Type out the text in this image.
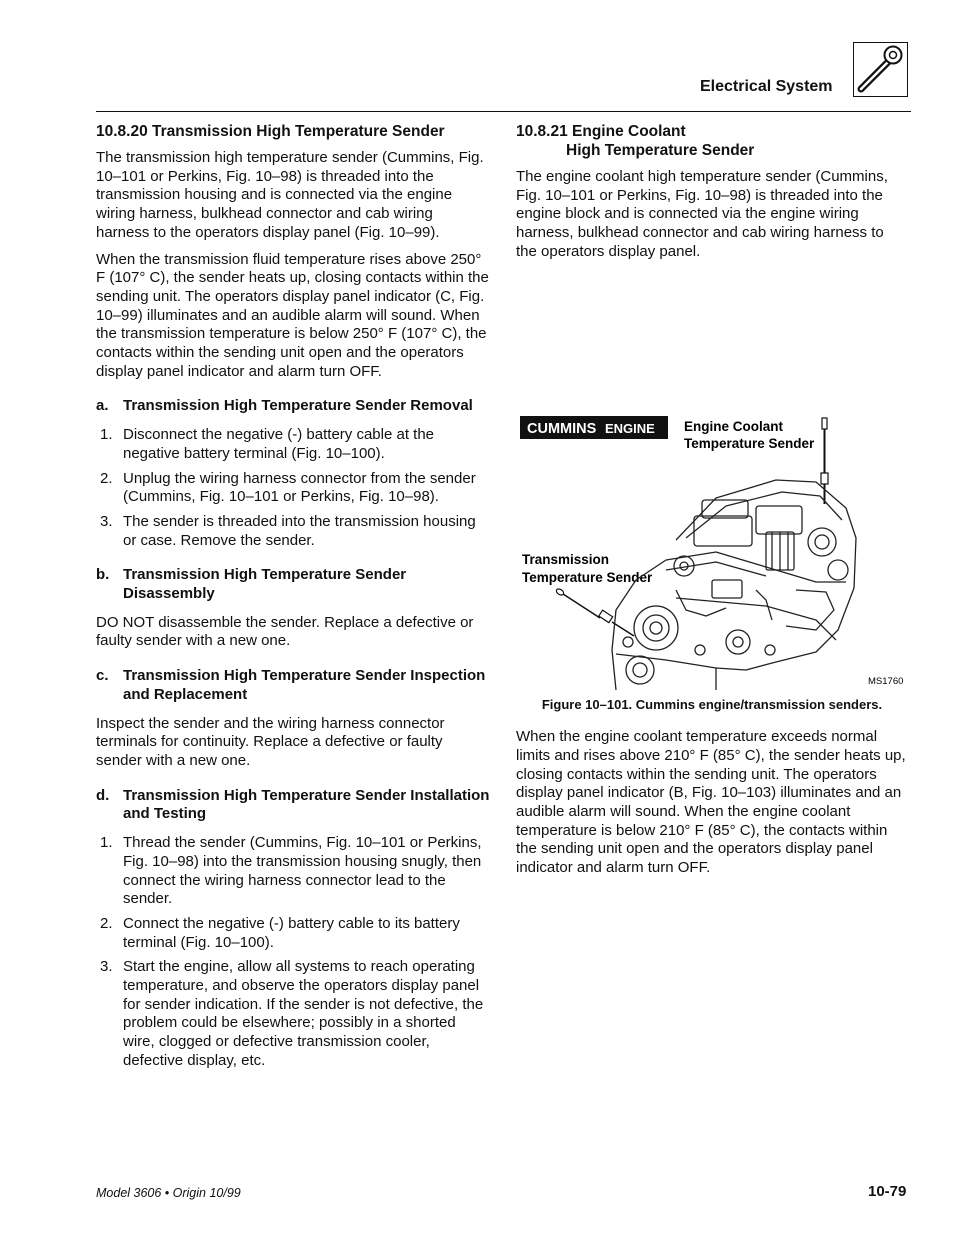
Electrical System
10.8.20 Transmission High Temperature Sender

The transmission high temperature sender (Cummins, Fig. 10–101 or Perkins, Fig. 10–98) is threaded into the transmission housing and is connected via the engine wiring harness, bulkhead connector and cab wiring harness to the operators display panel (Fig. 10–99).

When the transmission fluid temperature rises above 250° F (107° C), the sender heats up, closing contacts within the sending unit. The operators display panel indicator (C, Fig. 10–99) illuminates and an audible alarm will sound. When the transmission temperature is below 250° F (107° C), the contacts within the sending unit open and the operators display panel indicator and alarm turn OFF.

a. Transmission High Temperature Sender Removal
1. Disconnect the negative (-) battery cable at the negative battery terminal (Fig. 10–100).
2. Unplug the wiring harness connector from the sender (Cummins, Fig. 10–101 or Perkins, Fig. 10–98).
3. The sender is threaded into the transmission housing or case. Remove the sender.
b. Transmission High Temperature Sender Disassembly

DO NOT disassemble the sender. Replace a defective or faulty sender with a new one.

c. Transmission High Temperature Sender Inspection and Replacement

Inspect the sender and the wiring harness connector terminals for continuity. Replace a defective or faulty sender with a new one.

d. Transmission High Temperature Sender Installation and Testing
1. Thread the sender (Cummins, Fig. 10–101 or Perkins, Fig. 10–98) into the transmission housing snugly, then connect the wiring harness connector lead to the sender.
2. Connect the negative (-) battery cable to its battery terminal (Fig. 10–100).
3. Start the engine, allow all systems to reach operating temperature, and observe the operators display panel for sender indication. If the sender is not defective, the problem could be elsewhere; possibly in a shorted wire, clogged or defective transmission cooler, defective display, etc.
10.8.21 Engine Coolant
High Temperature Sender

The engine coolant high temperature sender (Cummins, Fig. 10–101 or Perkins, Fig. 10–98) is threaded into the engine block and is connected via the engine wiring harness, bulkhead connector and cab wiring harness to the operators display panel.

CUMMINS ENGINE Engine Coolant
Temperature Sender
Transmission
Temperature Sender
MS1760
Figure 10–101. Cummins engine/transmission senders.

When the engine coolant temperature exceeds normal limits and rises above 210° F (85° C), the sender heats up, closing contacts within the sending unit. The operators display panel indicator (B, Fig. 10–103) illuminates and an audible alarm will sound. When the engine coolant temperature is below 210° F (85° C), the contacts within the sending unit open and the operators display panel indicator and alarm turn OFF.

Model 3606 • Origin 10/99	10-79
